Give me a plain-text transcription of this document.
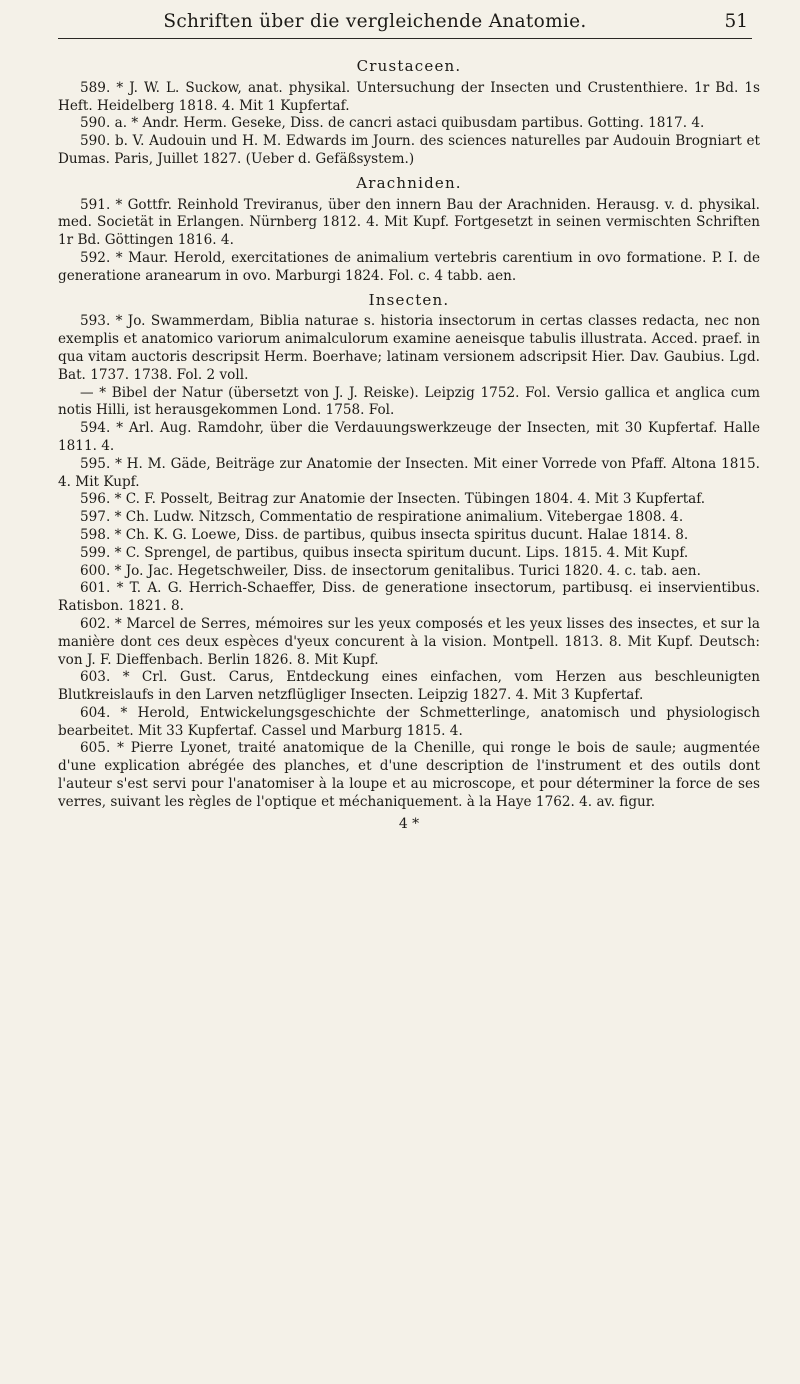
Schriften über die vergleichende Anatomie.	51
Crustaceen.

589. * J. W. L. Suckow, anat. physikal. Untersuchung der Insecten und Crustenthiere. 1r Bd. 1s Heft. Heidelberg 1818. 4. Mit 1 Kupfertaf.

590. a. * Andr. Herm. Geseke, Diss. de cancri astaci quibusdam partibus. Gotting. 1817. 4.

590. b. V. Audouin und H. M. Edwards im Journ. des sciences naturelles par Audouin Brogniart et Dumas. Paris, Juillet 1827. (Ueber d. Gefäßsystem.)

Arachniden.

591. * Gottfr. Reinhold Treviranus, über den innern Bau der Arachniden. Herausg. v. d. physikal. med. Societät in Erlangen. Nürnberg 1812. 4. Mit Kupf. Fortgesetzt in seinen vermischten Schriften 1r Bd. Göttingen 1816. 4.

592. * Maur. Herold, exercitationes de animalium vertebris carentium in ovo formatione. P. I. de generatione aranearum in ovo. Marburgi 1824. Fol. c. 4 tabb. aen.

Insecten.

593. * Jo. Swammerdam, Biblia naturae s. historia insectorum in certas classes redacta, nec non exemplis et anatomico variorum animalculorum examine aeneisque tabulis illustrata. Acced. praef. in qua vitam auctoris descripsit Herm. Boerhave; latinam versionem adscripsit Hier. Dav. Gaubius. Lgd. Bat. 1737. 1738. Fol. 2 voll.

— * Bibel der Natur (übersetzt von J. J. Reiske). Leipzig 1752. Fol. Versio gallica et anglica cum notis Hilli, ist herausgekommen Lond. 1758. Fol.

594. * Arl. Aug. Ramdohr, über die Verdauungswerkzeuge der Insecten, mit 30 Kupfertaf. Halle 1811. 4.

595. * H. M. Gäde, Beiträge zur Anatomie der Insecten. Mit einer Vorrede von Pfaff. Altona 1815. 4. Mit Kupf.

596. * C. F. Posselt, Beitrag zur Anatomie der Insecten. Tübingen 1804. 4. Mit 3 Kupfertaf.

597. * Ch. Ludw. Nitzsch, Commentatio de respiratione animalium. Vitebergae 1808. 4.

598. * Ch. K. G. Loewe, Diss. de partibus, quibus insecta spiritus ducunt. Halae 1814. 8.

599. * C. Sprengel, de partibus, quibus insecta spiritum ducunt. Lips. 1815. 4. Mit Kupf.

600. * Jo. Jac. Hegetschweiler, Diss. de insectorum genitalibus. Turici 1820. 4. c. tab. aen.

601. * T. A. G. Herrich-Schaeffer, Diss. de generatione insectorum, partibusq. ei inservientibus. Ratisbon. 1821. 8.

602. * Marcel de Serres, mémoires sur les yeux composés et les yeux lisses des insectes, et sur la manière dont ces deux espèces d'yeux concurent à la vision. Montpell. 1813. 8. Mit Kupf. Deutsch: von J. F. Dieffenbach. Berlin 1826. 8. Mit Kupf.

603. * Crl. Gust. Carus, Entdeckung eines einfachen, vom Herzen aus beschleunigten Blutkreislaufs in den Larven netzflügliger Insecten. Leipzig 1827. 4. Mit 3 Kupfertaf.

604. * Herold, Entwickelungsgeschichte der Schmetterlinge, anatomisch und physiologisch bearbeitet. Mit 33 Kupfertaf. Cassel und Marburg 1815. 4.

605. * Pierre Lyonet, traité anatomique de la Chenille, qui ronge le bois de saule; augmentée d'une explication abrégée des planches, et d'une description de l'instrument et des outils dont l'auteur s'est servi pour l'anatomiser à la loupe et au microscope, et pour déterminer la force de ses verres, suivant les règles de l'optique et méchaniquement. à la Haye 1762. 4. av. figur.

4 *
